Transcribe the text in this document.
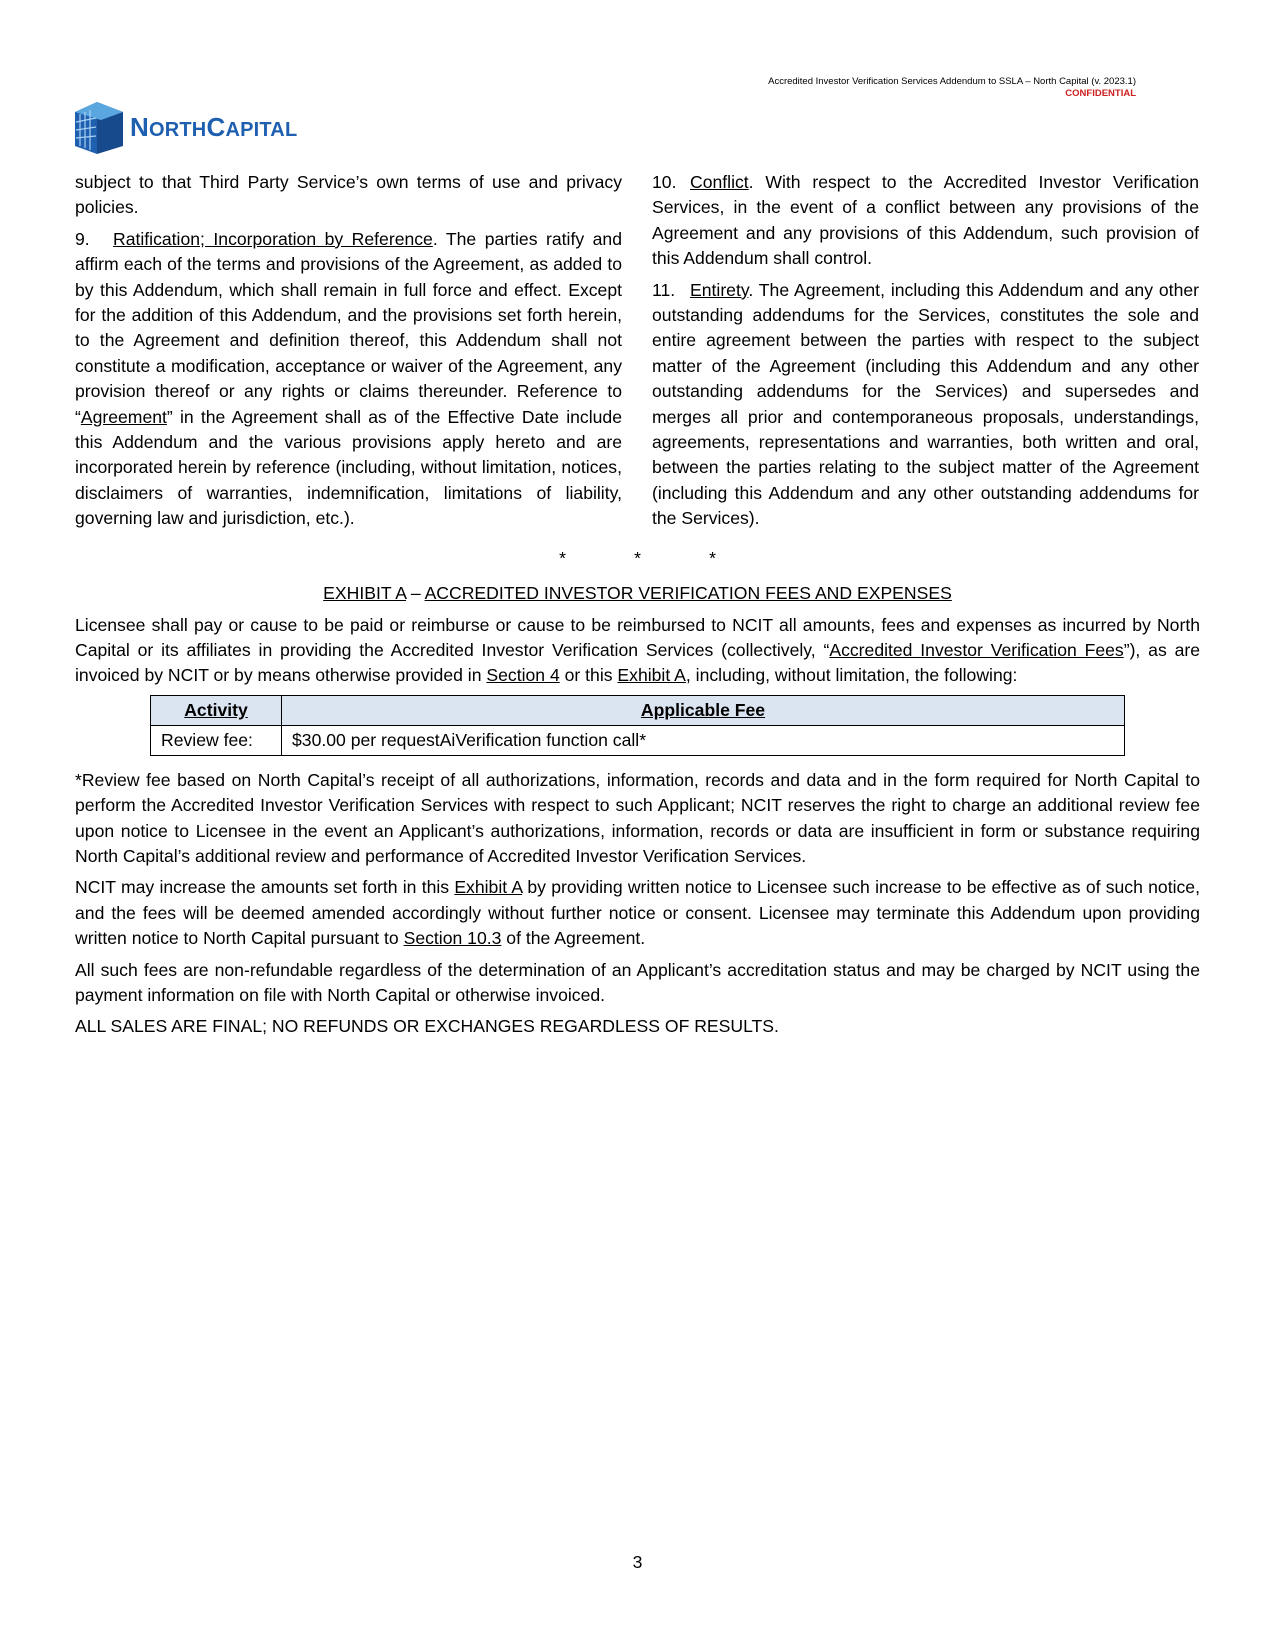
Accredited Investor Verification Services Addendum to SSLA – North Capital (v. 2023.1)
CONFIDENTIAL
NORTHCAPITAL

subject to that Third Party Service’s own terms of use and privacy policies.

9. Ratification; Incorporation by Reference. The parties ratify and affirm each of the terms and provisions of the Agreement, as added to by this Addendum, which shall remain in full force and effect. Except for the addition of this Addendum, and the provisions set forth herein, to the Agreement and definition thereof, this Addendum shall not constitute a modification, acceptance or waiver of the Agreement, any provision thereof or any rights or claims thereunder. Reference to “Agreement” in the Agreement shall as of the Effective Date include this Addendum and the various provisions apply hereto and are incorporated herein by reference (including, without limitation, notices, disclaimers of warranties, indemnification, limitations of liability, governing law and jurisdiction, etc.).

10. Conflict. With respect to the Accredited Investor Verification Services, in the event of a conflict between any provisions of the Agreement and any provisions of this Addendum, such provision of this Addendum shall control.

11. Entirety. The Agreement, including this Addendum and any other outstanding addendums for the Services, constitutes the sole and entire agreement between the parties with respect to the subject matter of the Agreement (including this Addendum and any other outstanding addendums for the Services) and supersedes and merges all prior and contemporaneous proposals, understandings, agreements, representations and warranties, both written and oral, between the parties relating to the subject matter of the Agreement (including this Addendum and any other outstanding addendums for the Services).

*	*	*
EXHIBIT A – ACCREDITED INVESTOR VERIFICATION FEES AND EXPENSES

Licensee shall pay or cause to be paid or reimburse or cause to be reimbursed to NCIT all amounts, fees and expenses as incurred by North Capital or its affiliates in providing the Accredited Investor Verification Services (collectively, “Accredited Investor Verification Fees”), as are invoiced by NCIT or by means otherwise provided in Section 4 or this Exhibit A, including, without limitation, the following:

Activity	Applicable Fee
Review fee:	$30.00 per requestAiVerification function call*

*Review fee based on North Capital’s receipt of all authorizations, information, records and data and in the form required for North Capital to perform the Accredited Investor Verification Services with respect to such Applicant; NCIT reserves the right to charge an additional review fee upon notice to Licensee in the event an Applicant’s authorizations, information, records or data are insufficient in form or substance requiring North Capital’s additional review and performance of Accredited Investor Verification Services.

NCIT may increase the amounts set forth in this Exhibit A by providing written notice to Licensee such increase to be effective as of such notice, and the fees will be deemed amended accordingly without further notice or consent. Licensee may terminate this Addendum upon providing written notice to North Capital pursuant to Section 10.3 of the Agreement.

All such fees are non-refundable regardless of the determination of an Applicant’s accreditation status and may be charged by NCIT using the payment information on file with North Capital or otherwise invoiced.

ALL SALES ARE FINAL; NO REFUNDS OR EXCHANGES REGARDLESS OF RESULTS.

3
